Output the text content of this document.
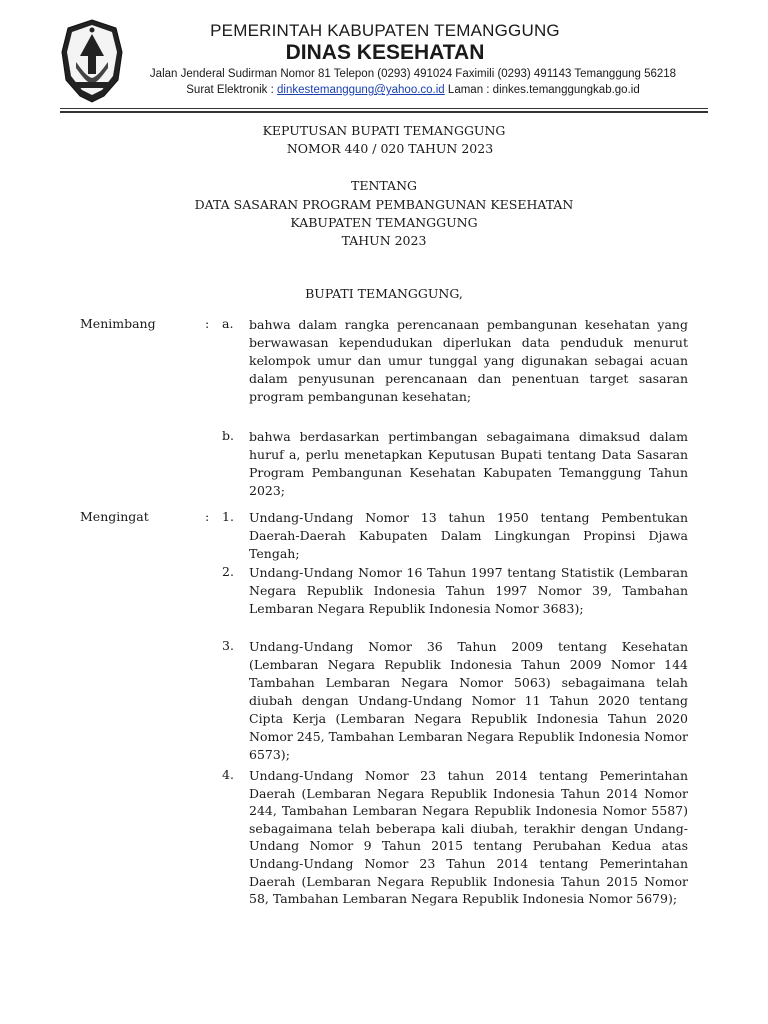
PEMERINTAH KABUPATEN TEMANGGUNG
DINAS KESEHATAN
Jalan Jenderal Sudirman Nomor 81 Telepon (0293) 491024 Faximili (0293) 491143 Temanggung 56218
Surat Elektronik : dinkestemanggung@yahoo.co.id Laman : dinkes.temanggungkab.go.id
KEPUTUSAN BUPATI TEMANGGUNG
NOMOR 440 / 020 TAHUN 2023
TENTANG
DATA SASARAN PROGRAM PEMBANGUNAN KESEHATAN
KABUPATEN TEMANGGUNG
TAHUN 2023
BUPATI TEMANGGUNG,
Menimbang	: a. bahwa dalam rangka perencanaan pembangunan kesehatan yang berwawasan kependudukan diperlukan data penduduk menurut kelompok umur dan umur tunggal yang digunakan sebagai acuan dalam penyusunan perencanaan dan penentuan target sasaran program pembangunan kesehatan;
b. bahwa berdasarkan pertimbangan sebagaimana dimaksud dalam huruf a, perlu menetapkan Keputusan Bupati tentang Data Sasaran Program Pembangunan Kesehatan Kabupaten Temanggung Tahun 2023;
Mengingat	: 1. Undang-Undang Nomor 13 tahun 1950 tentang Pembentukan Daerah-Daerah Kabupaten Dalam Lingkungan Propinsi Djawa Tengah;
2. Undang-Undang Nomor 16 Tahun 1997 tentang Statistik (Lembaran Negara Republik Indonesia Tahun 1997 Nomor 39, Tambahan Lembaran Negara Republik Indonesia Nomor 3683);
3. Undang-Undang Nomor 36 Tahun 2009 tentang Kesehatan (Lembaran Negara Republik Indonesia Tahun 2009 Nomor 144 Tambahan Lembaran Negara Nomor 5063) sebagaimana telah diubah dengan Undang-Undang Nomor 11 Tahun 2020 tentang Cipta Kerja (Lembaran Negara Republik Indonesia Tahun 2020 Nomor 245, Tambahan Lembaran Negara Republik Indonesia Nomor 6573);
4. Undang-Undang Nomor 23 tahun 2014 tentang Pemerintahan Daerah (Lembaran Negara Republik Indonesia Tahun 2014 Nomor 244, Tambahan Lembaran Negara Republik Indonesia Nomor 5587) sebagaimana telah beberapa kali diubah, terakhir dengan Undang-Undang Nomor 9 Tahun 2015 tentang Perubahan Kedua atas Undang-Undang Nomor 23 Tahun 2014 tentang Pemerintahan Daerah (Lembaran Negara Republik Indonesia Tahun 2015 Nomor 58, Tambahan Lembaran Negara Republik Indonesia Nomor 5679);
